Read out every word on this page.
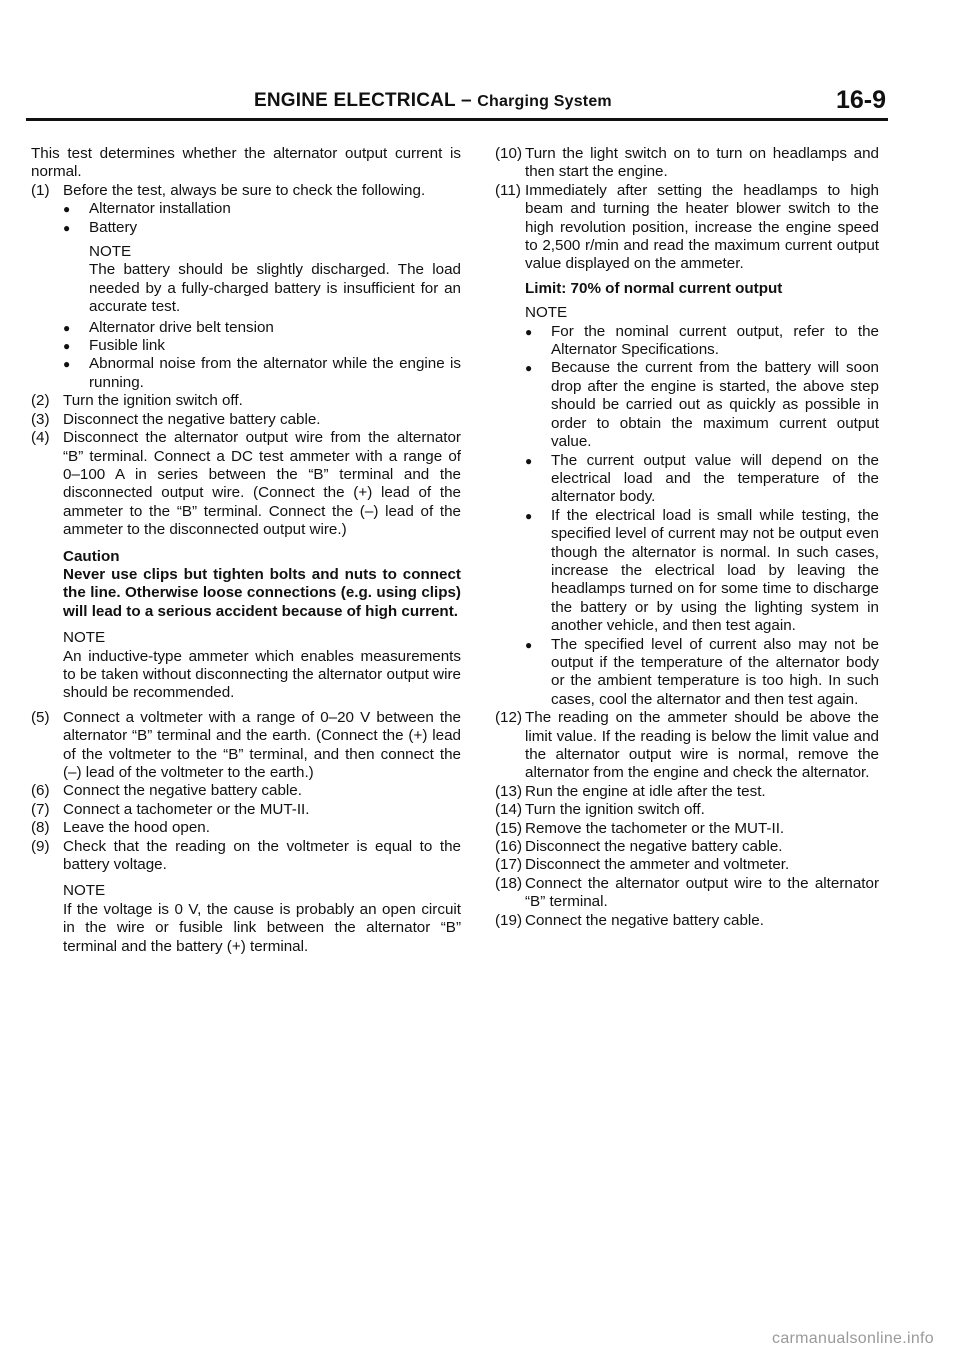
ENGINE ELECTRICAL – Charging System	16-9

This test determines whether the alternator output current is normal.

(1) Before the test, always be sure to check the following.
●	Alternator installation
●	Battery

NOTE

The battery should be slightly discharged. The load needed by a fully-charged battery is insufficient for an accurate test.

●	Alternator drive belt tension
●	Fusible link
●	Abnormal noise from the alternator while the engine is running.
(2) Turn the ignition switch off.
(3) Disconnect the negative battery cable.
(4) Disconnect the alternator output wire from the alternator “B” terminal. Connect a DC test ammeter with a range of 0–100 A in series between the “B” terminal and the disconnected output wire. (Connect the (+) lead of the ammeter to the “B” terminal. Connect the (–) lead of the ammeter to the disconnected output wire.)

Caution

Never use clips but tighten bolts and nuts to connect the line. Otherwise loose connections (e.g. using clips) will lead to a serious accident because of high current.

NOTE

An inductive-type ammeter which enables measurements to be taken without disconnecting the alternator output wire should be recommended.

(5) Connect a voltmeter with a range of 0–20 V between the alternator “B” terminal and the earth. (Connect the (+) lead of the voltmeter to the “B” terminal, and then connect the (–) lead of the voltmeter to the earth.)
(6) Connect the negative battery cable.
(7) Connect a tachometer or the MUT-II.
(8) Leave the hood open.
(9) Check that the reading on the voltmeter is equal to the battery voltage.

NOTE

If the voltage is 0 V, the cause is probably an open circuit in the wire or fusible link between the alternator “B” terminal and the battery (+) terminal.

(10) Turn the light switch on to turn on headlamps and then start the engine.
(11) Immediately after setting the headlamps to high beam and turning the heater blower switch to the high revolution position, increase the engine speed to 2,500 r/min and read the maximum current output value displayed on the ammeter.

Limit: 70% of normal current output

NOTE

●	For the nominal current output, refer to the Alternator Specifications.
●	Because the current from the battery will soon drop after the engine is started, the above step should be carried out as quickly as possible in order to obtain the maximum current output value.
●	The current output value will depend on the electrical load and the temperature of the alternator body.
●	If the electrical load is small while testing, the specified level of current may not be output even though the alternator is normal. In such cases, increase the electrical load by leaving the headlamps turned on for some time to discharge the battery or by using the lighting system in another vehicle, and then test again.
●	The specified level of current also may not be output if the temperature of the alternator body or the ambient temperature is too high. In such cases, cool the alternator and then test again.
(12) The reading on the ammeter should be above the limit value. If the reading is below the limit value and the alternator output wire is normal, remove the alternator from the engine and check the alternator.
(13) Run the engine at idle after the test.
(14) Turn the ignition switch off.
(15) Remove the tachometer or the MUT-II.
(16) Disconnect the negative battery cable.
(17) Disconnect the ammeter and voltmeter.
(18) Connect the alternator output wire to the alternator “B” terminal.
(19) Connect the negative battery cable.
carmanualsonline.info
